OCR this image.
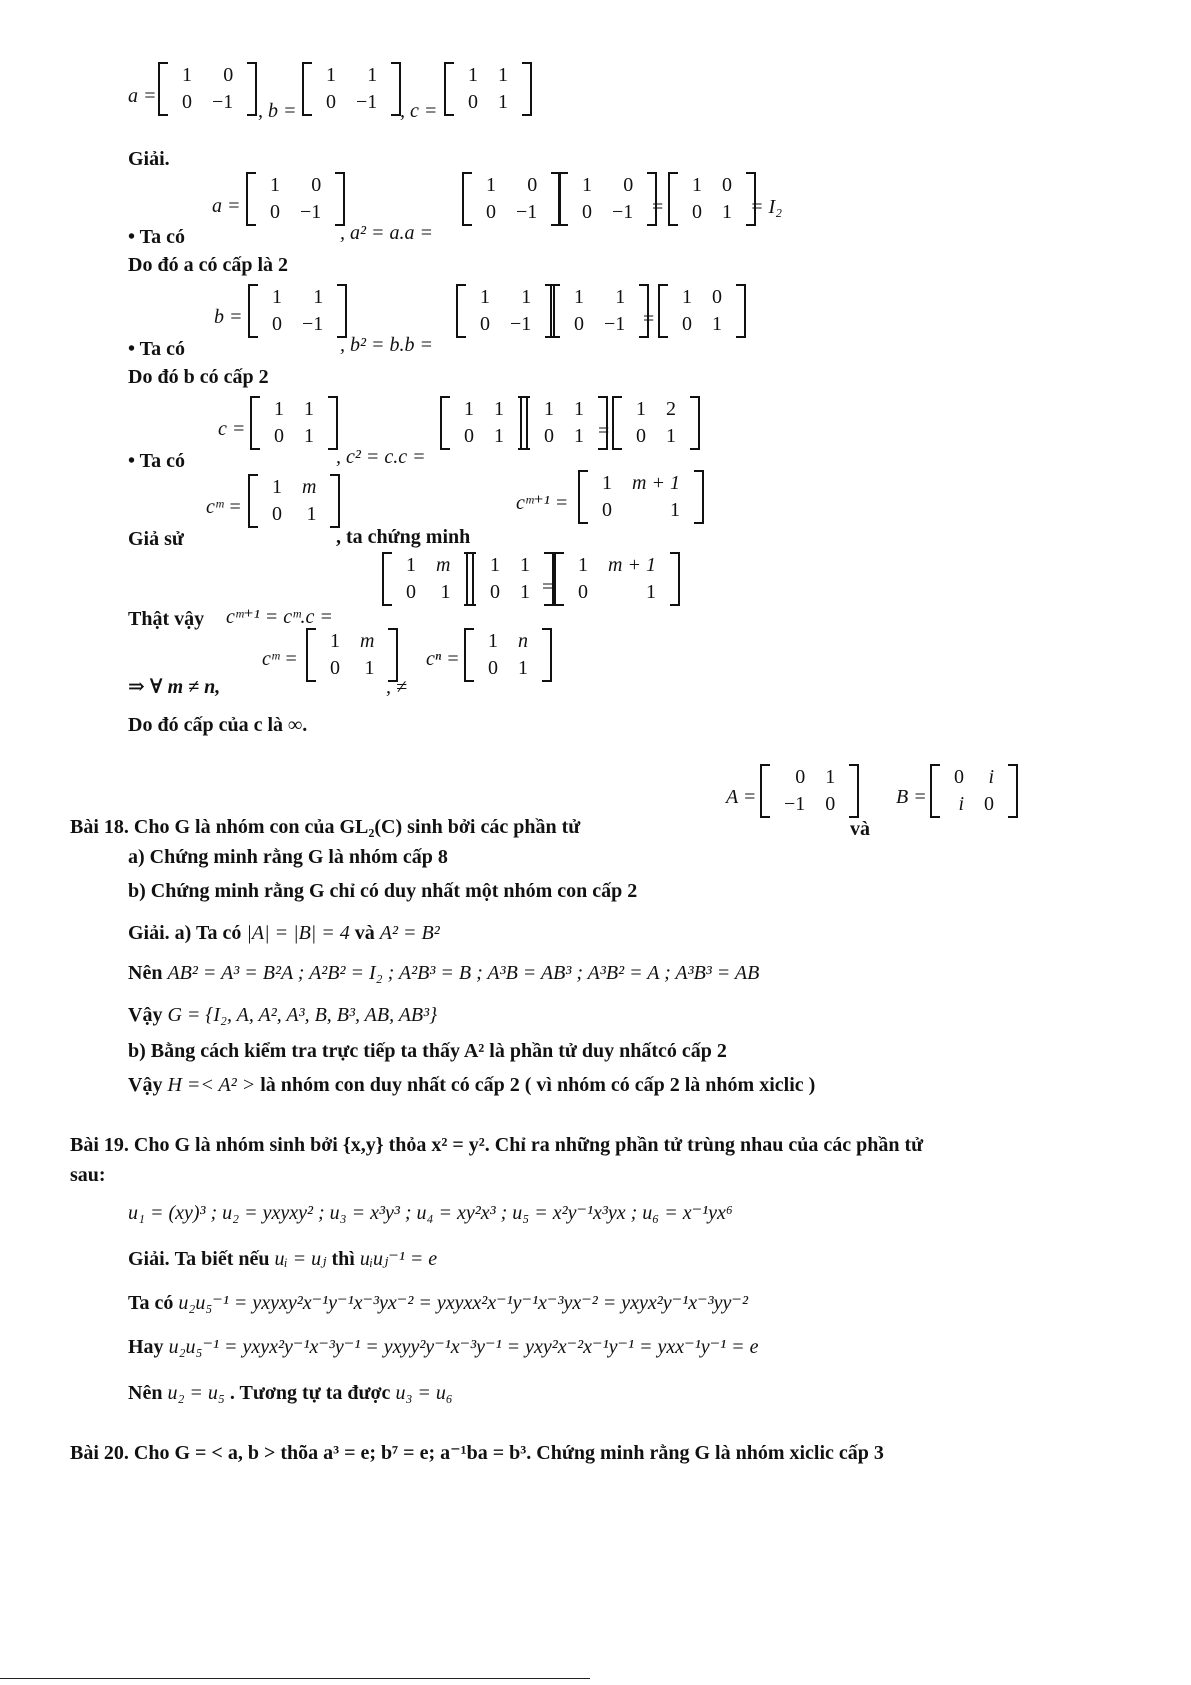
a =
1	0
0	−1 , b =
1	1
0	−1 , c =
1	1
0	1
Giải.
• Ta có
a =
1	0
0	−1
, a² = a.a =
1	0
0	−1
1	0
0	−1 =
1	0
0	1 = I₂
Do đó a có cấp là 2
• Ta có
b =
1	1
0	−1
, b² = b.b =
1	1
0	−1
1	1
0	−1 =
1	0
0	1
Do đó b có cấp 2
• Ta có
c =
1	1
0	1
, c² = c.c =
1	1
0	1
1	1
0	1 =
1	2
0	1
Giả sử
cᵐ =
1	m
0	1
, ta chứng minh
cᵐ⁺¹ =
1	m + 1
0	1
Thật vậy cᵐ⁺¹ = cᵐ.c =
1	m
0	1
1	1
0	1 =
1	m + 1
0	1
⇒ ∀ m ≠ n,
cᵐ =
1	m
0	1
, ≠
cⁿ =
1	n
0	1
Do đó cấp của c là ∞.
Bài 18. Cho G là nhóm con của GL₂(C) sinh bởi các phần tử
A =
0	1
−1	0
và
B =
0	i
i	0
a) Chứng minh rằng G là nhóm cấp 8
b) Chứng minh rằng G chỉ có duy nhất một nhóm con cấp 2
Giải. a) Ta có |A| = |B| = 4 và A² = B²
Nên AB² = A³ = B²A ; A²B² = I₂ ; A²B³ = B ; A³B = AB³ ; A³B² = A ; A³B³ = AB
Vậy G = {I₂, A, A², A³, B, B³, AB, AB³}
b) Bằng cách kiểm tra trực tiếp ta thấy A² là phần tử duy nhấtcó cấp 2
Vậy H =< A² > là nhóm con duy nhất có cấp 2 ( vì nhóm có cấp 2 là nhóm xiclic )
Bài 19. Cho G là nhóm sinh bởi {x,y} thỏa x² = y². Chỉ ra những phần tử trùng nhau của các phần tử
sau:
u₁ = (xy)³ ; u₂ = yxyxy² ; u₃ = x³y³ ; u₄ = xy²x³ ; u₅ = x²y⁻¹x³yx ; u₆ = x⁻¹yx⁶
Giải. Ta biết nếu uᵢ = uⱼ thì uᵢuⱼ⁻¹ = e
Ta có u₂u₅⁻¹ = yxyxy²x⁻¹y⁻¹x⁻³yx⁻² = yxyxx²x⁻¹y⁻¹x⁻³yx⁻² = yxyx²y⁻¹x⁻³yy⁻²
Hay u₂u₅⁻¹ = yxyx²y⁻¹x⁻³y⁻¹ = yxyy²y⁻¹x⁻³y⁻¹ = yxy²x⁻²x⁻¹y⁻¹ = yxx⁻¹y⁻¹ = e
Nên u₂ = u₅ . Tương tự ta được u₃ = u₆
Bài 20. Cho G = < a, b > thõa a³ = e; b⁷ = e; a⁻¹ba = b³. Chứng minh rằng G là nhóm xiclic cấp 3
